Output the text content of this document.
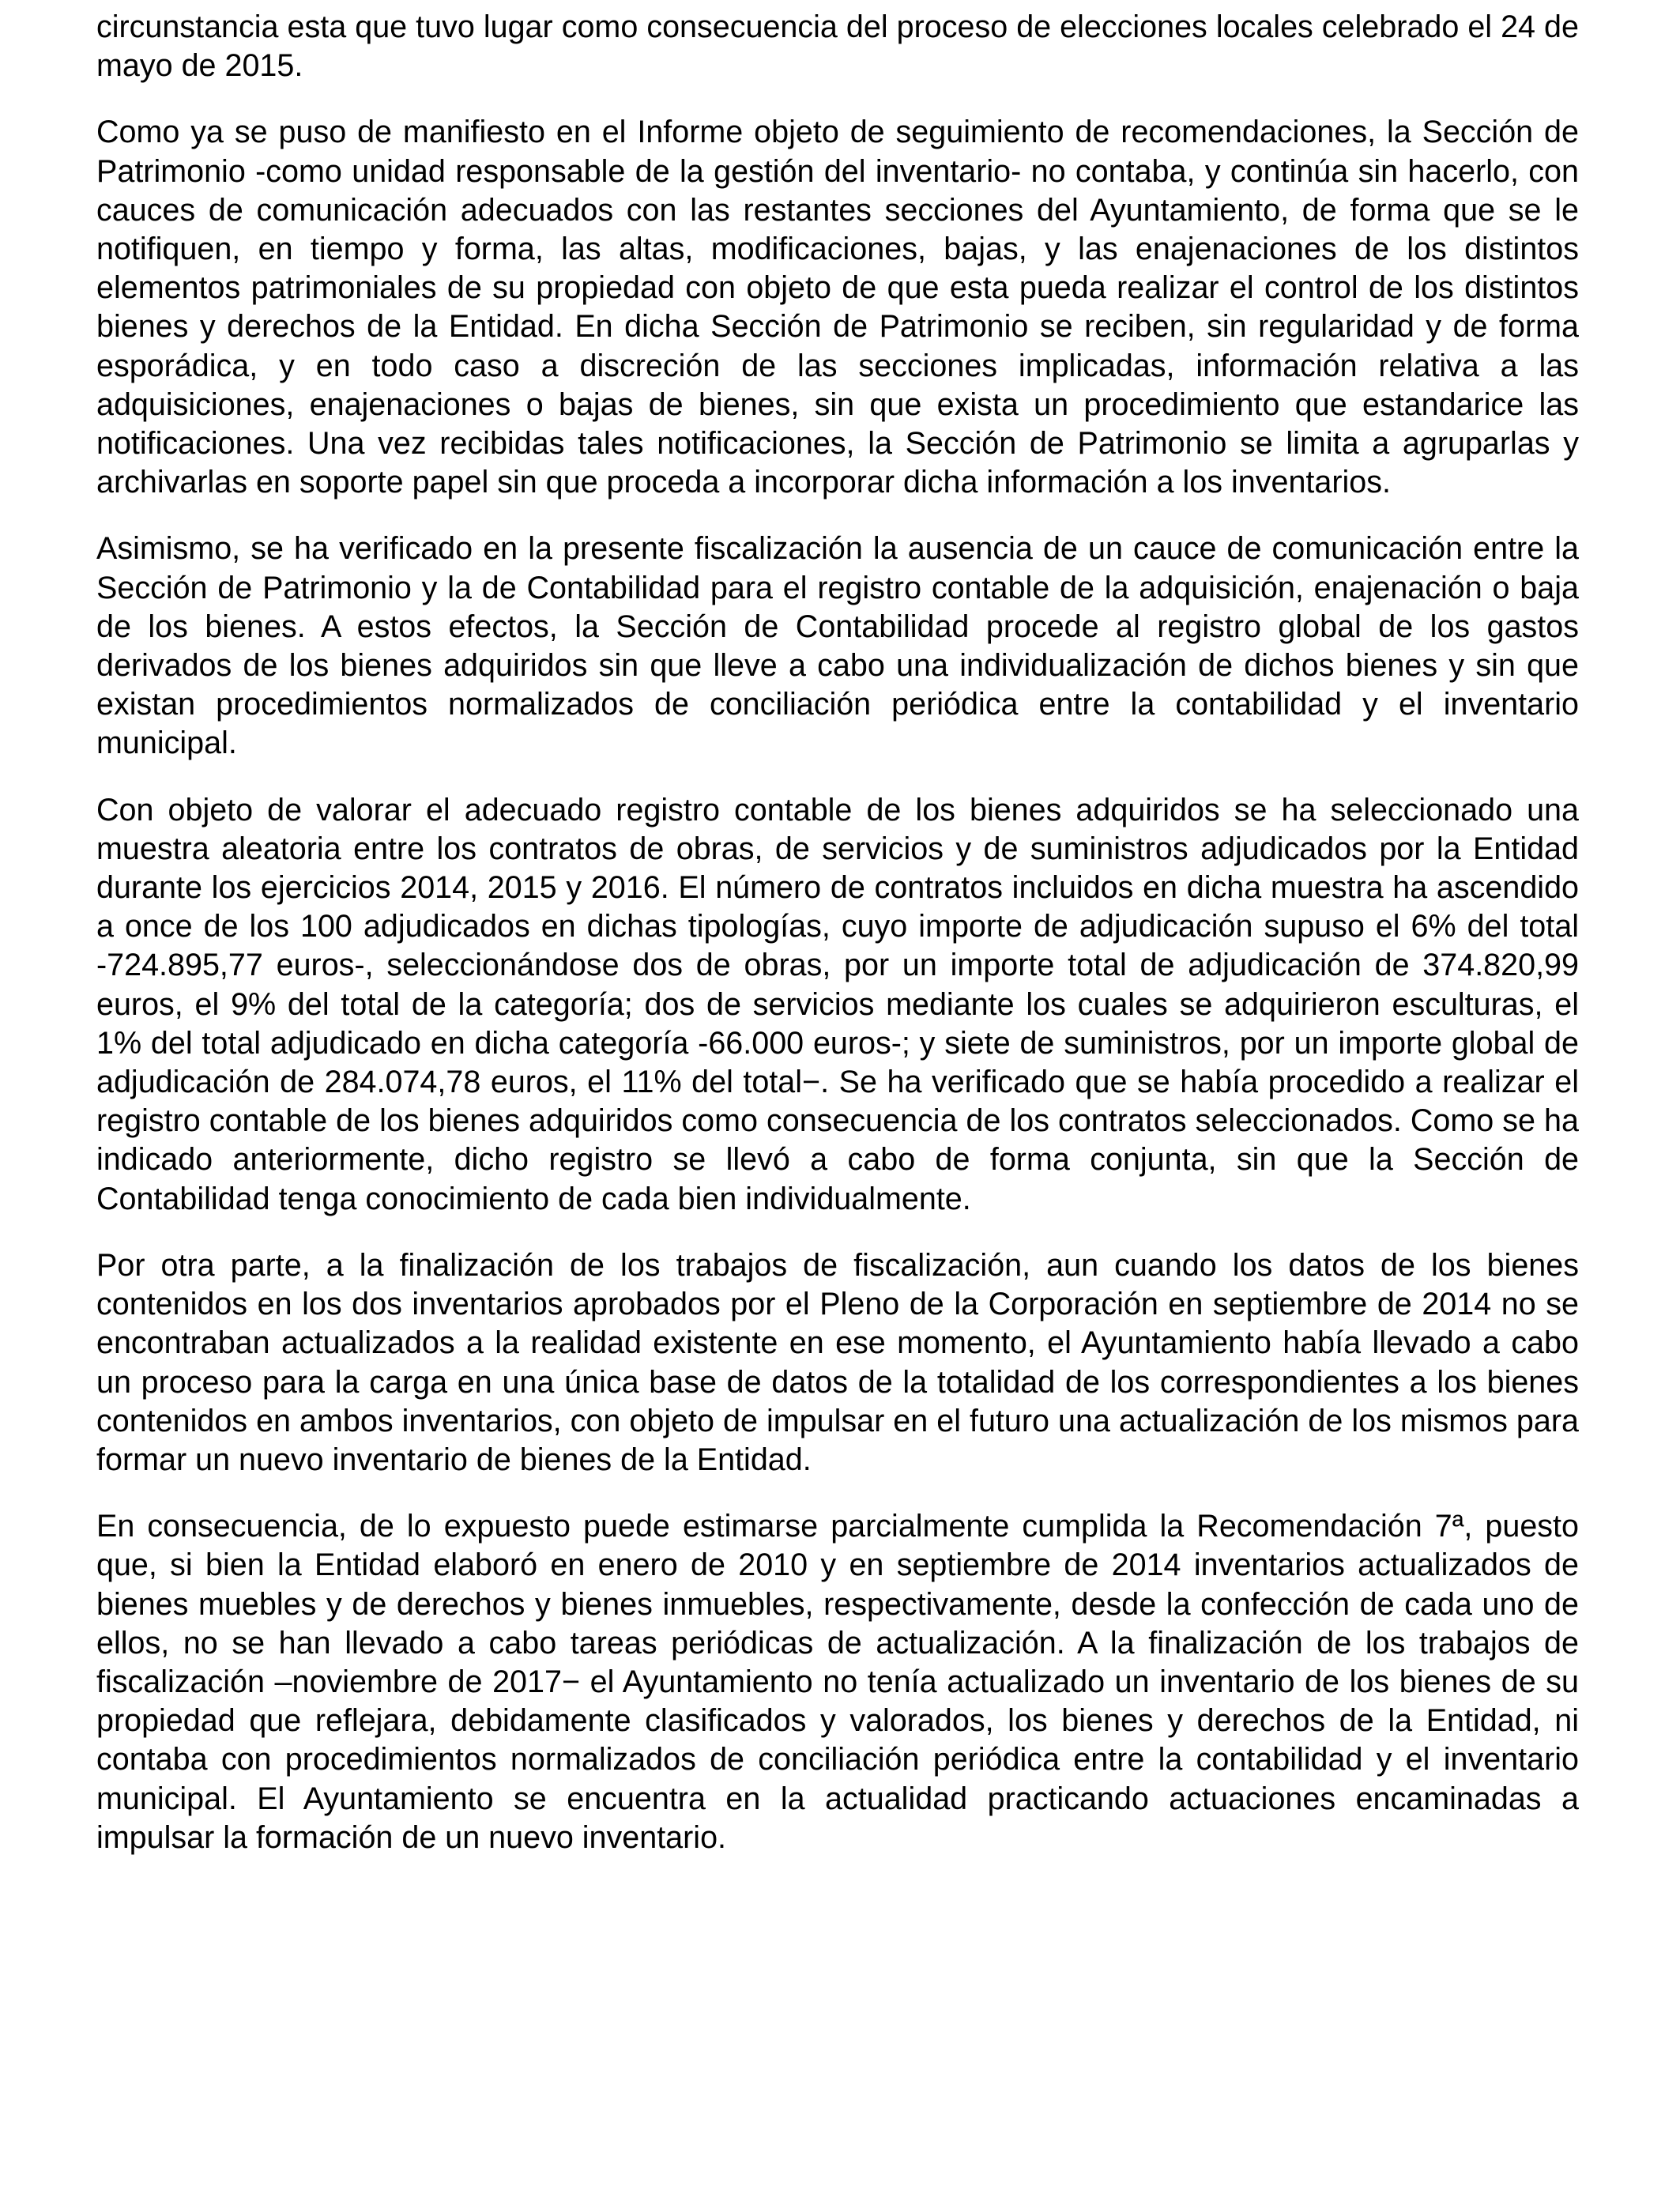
circunstancia esta que tuvo lugar como consecuencia del proceso de elecciones locales celebrado el 24 de mayo de 2015.

Como ya se puso de manifiesto en el Informe objeto de seguimiento de recomendaciones, la Sección de Patrimonio -como unidad responsable de la gestión del inventario- no contaba, y continúa sin hacerlo, con cauces de comunicación adecuados con las restantes secciones del Ayuntamiento, de forma que se le notifiquen, en tiempo y forma, las altas, modificaciones, bajas, y las enajenaciones de los distintos elementos patrimoniales de su propiedad con objeto de que esta pueda realizar el control de los distintos bienes y derechos de la Entidad. En dicha Sección de Patrimonio se reciben, sin regularidad y de forma esporádica, y en todo caso a discreción de las secciones implicadas, información relativa a las adquisiciones, enajenaciones o bajas de bienes, sin que exista un procedimiento que estandarice las notificaciones. Una vez recibidas tales notificaciones, la Sección de Patrimonio se limita a agruparlas y archivarlas en soporte papel sin que proceda a incorporar dicha información a los inventarios.

Asimismo, se ha verificado en la presente fiscalización la ausencia de un cauce de comunicación entre la Sección de Patrimonio y la de Contabilidad para el registro contable de la adquisición, enajenación o baja de los bienes. A estos efectos, la Sección de Contabilidad procede al registro global de los gastos derivados de los bienes adquiridos sin que lleve a cabo una individualización de dichos bienes y sin que existan procedimientos normalizados de conciliación periódica entre la contabilidad y el inventario municipal.

Con objeto de valorar el adecuado registro contable de los bienes adquiridos se ha seleccionado una muestra aleatoria entre los contratos de obras, de servicios y de suministros adjudicados por la Entidad durante los ejercicios 2014, 2015 y 2016. El número de contratos incluidos en dicha muestra ha ascendido a once de los 100 adjudicados en dichas tipologías, cuyo importe de adjudicación supuso el 6% del total -724.895,77 euros-, seleccionándose dos de obras, por un importe total de adjudicación de 374.820,99 euros, el 9% del total de la categoría; dos de servicios mediante los cuales se adquirieron esculturas, el 1% del total adjudicado en dicha categoría -66.000 euros-; y siete de suministros, por un importe global de adjudicación de 284.074,78 euros, el 11% del total−. Se ha verificado que se había procedido a realizar el registro contable de los bienes adquiridos como consecuencia de los contratos seleccionados. Como se ha indicado anteriormente, dicho registro se llevó a cabo de forma conjunta, sin que la Sección de Contabilidad tenga conocimiento de cada bien individualmente.

Por otra parte, a la finalización de los trabajos de fiscalización, aun cuando los datos de los bienes contenidos en los dos inventarios aprobados por el Pleno de la Corporación en septiembre de 2014 no se encontraban actualizados a la realidad existente en ese momento, el Ayuntamiento había llevado a cabo un proceso para la carga en una única base de datos de la totalidad de los correspondientes a los bienes contenidos en ambos inventarios, con objeto de impulsar en el futuro una actualización de los mismos para formar un nuevo inventario de bienes de la Entidad.

En consecuencia, de lo expuesto puede estimarse parcialmente cumplida la Recomendación 7ª, puesto que, si bien la Entidad elaboró en enero de 2010 y en septiembre de 2014 inventarios actualizados de bienes muebles y de derechos y bienes inmuebles, respectivamente, desde la confección de cada uno de ellos, no se han llevado a cabo tareas periódicas de actualización. A la finalización de los trabajos de fiscalización –noviembre de 2017− el Ayuntamiento no tenía actualizado un inventario de los bienes de su propiedad que reflejara, debidamente clasificados y valorados, los bienes y derechos de la Entidad, ni contaba con procedimientos normalizados de conciliación periódica entre la contabilidad y el inventario municipal. El Ayuntamiento se encuentra en la actualidad practicando actuaciones encaminadas a impulsar la formación de un nuevo inventario.
